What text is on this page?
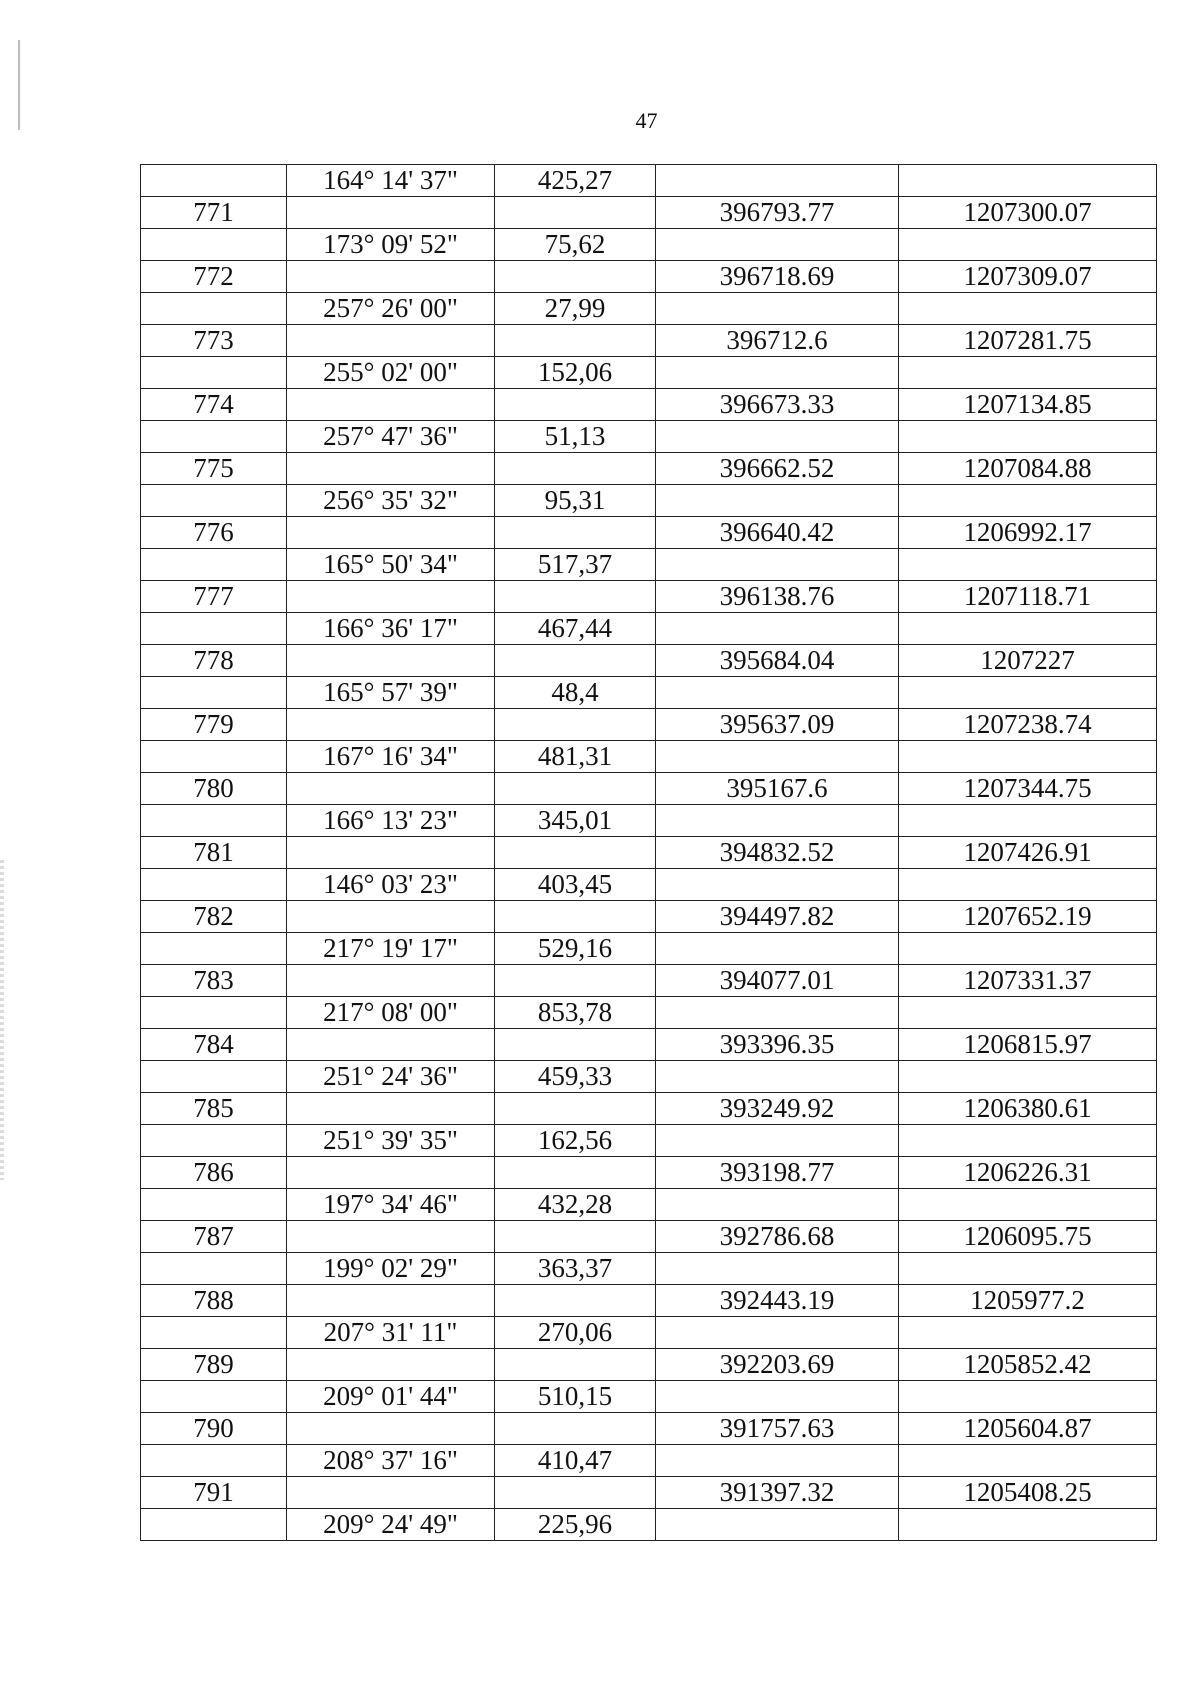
47
	164° 14' 37"	425,27		
771			396793.77	1207300.07
	173° 09' 52"	75,62		
772			396718.69	1207309.07
	257° 26' 00"	27,99		
773			396712.6	1207281.75
	255° 02' 00"	152,06		
774			396673.33	1207134.85
	257° 47' 36"	51,13		
775			396662.52	1207084.88
	256° 35' 32"	95,31		
776			396640.42	1206992.17
	165° 50' 34"	517,37		
777			396138.76	1207118.71
	166° 36' 17"	467,44		
778			395684.04	1207227
	165° 57' 39"	48,4		
779			395637.09	1207238.74
	167° 16' 34"	481,31		
780			395167.6	1207344.75
	166° 13' 23"	345,01		
781			394832.52	1207426.91
	146° 03' 23"	403,45		
782			394497.82	1207652.19
	217° 19' 17"	529,16		
783			394077.01	1207331.37
	217° 08' 00"	853,78		
784			393396.35	1206815.97
	251° 24' 36"	459,33		
785			393249.92	1206380.61
	251° 39' 35"	162,56		
786			393198.77	1206226.31
	197° 34' 46"	432,28		
787			392786.68	1206095.75
	199° 02' 29"	363,37		
788			392443.19	1205977.2
	207° 31' 11"	270,06		
789			392203.69	1205852.42
	209° 01' 44"	510,15		
790			391757.63	1205604.87
	208° 37' 16"	410,47		
791			391397.32	1205408.25
	209° 24' 49"	225,96		
